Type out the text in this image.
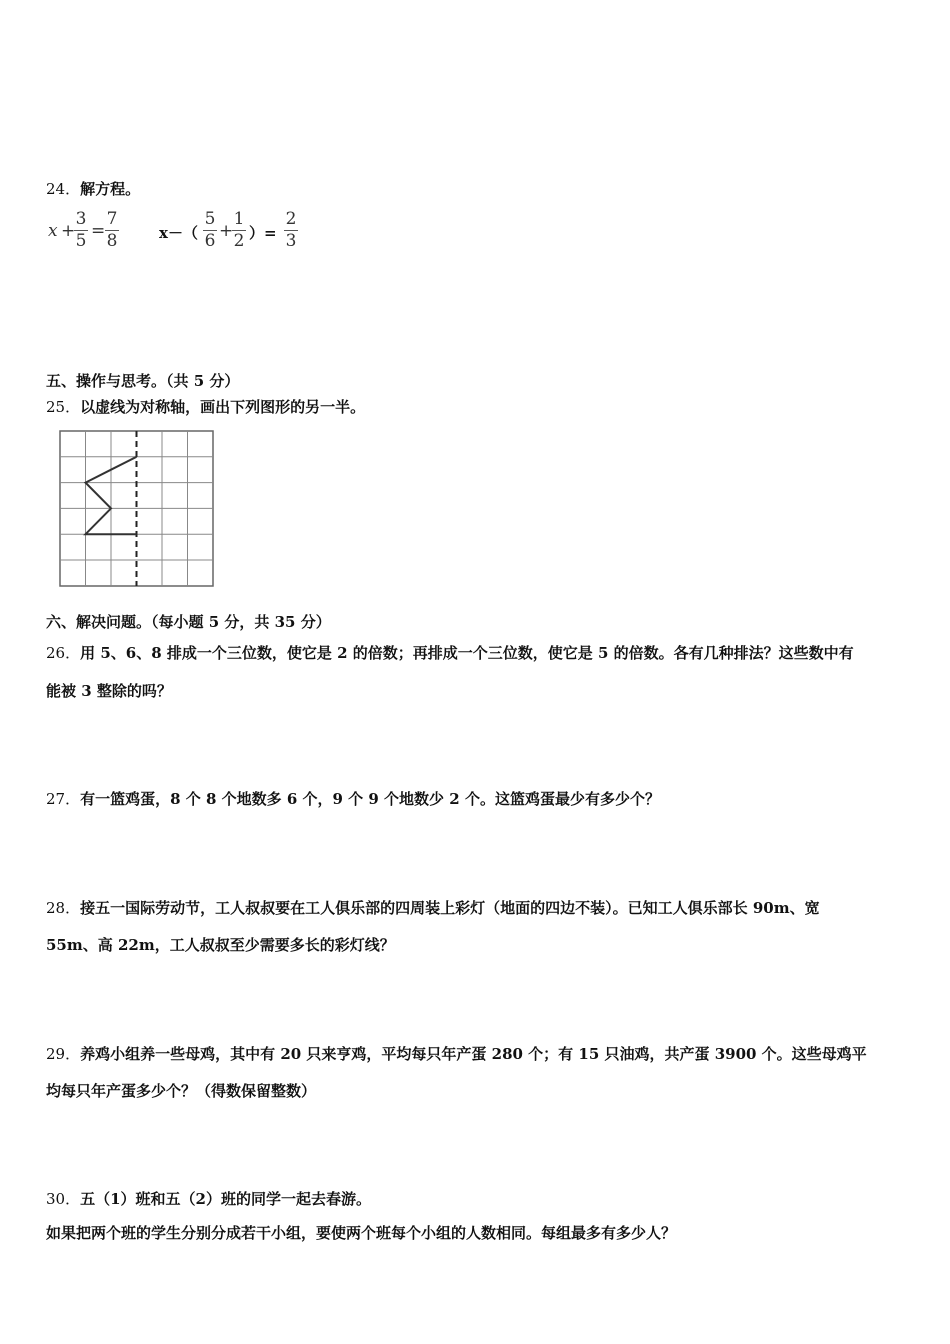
24．解方程。
x +
$\frac{3}{5} = \frac{7}{8}$	$x-( \frac{5}{6}$ +
$\frac{1}{2}$ ）= $\frac{2}{3}$
五、操作与思考。（共 5 分）
25．以虚线为对称轴，画出下列图形的另一半。
六、解决问题。（每小题 5 分，共 35 分）
26．用 5、6、8 排成一个三位数，使它是 2 的倍数；再排成一个三位数，使它是 5 的倍数。各有几种排法？这些数中有
能被 3 整除的吗？
27．有一篮鸡蛋，8 个 8 个地数多 6 个，9 个 9 个地数少 2 个。这篮鸡蛋最少有多少个？
28．接五一国际劳动节，工人叔叔要在工人俱乐部的四周装上彩灯（地面的四边不装）。已知工人俱乐部长 90m、宽
55m、高 22m，工人叔叔至少需要多长的彩灯线？
29．养鸡小组养一些母鸡，其中有 20 只来亨鸡，平均每只年产蛋 280 个；有 15 只油鸡，共产蛋 3900 个。这些母鸡平
均每只年产蛋多少个？（得数保留整数）
30．五（1）班和五（2）班的同学一起去春游。
如果把两个班的学生分别分成若干小组，要使两个班每个小组的人数相同。每组最多有多少人？
